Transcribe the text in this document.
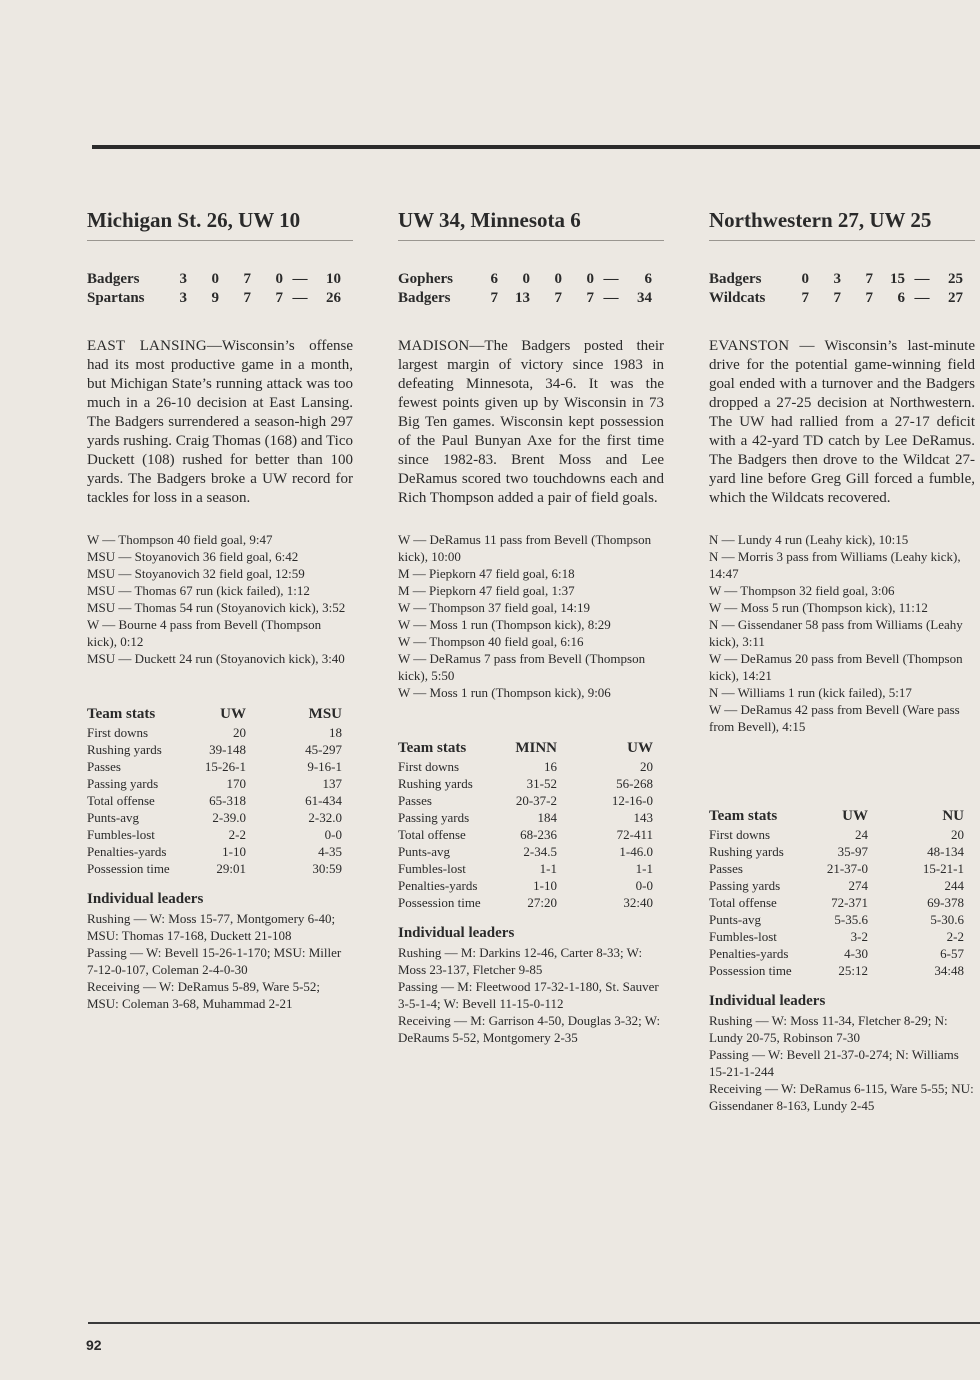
Michigan St. 26, UW 10
Badgers	3	0	7	0	—	10
Spartans	3	9	7	7	—	26

EAST LANSING—Wisconsin’s offense had its most productive game in a month, but Michigan State’s running attack was too much in a 26-10 decision at East Lansing. The Badgers surrendered a season-high 297 yards rushing. Craig Thomas (168) and Tico Duckett (108) rushed for better than 100 yards. The Badgers broke a UW record for tackles for loss in a season.

W — Thompson 40 field goal, 9:47
MSU — Stoyanovich 36 field goal, 6:42
MSU — Stoyanovich 32 field goal, 12:59
MSU — Thomas 67 run (kick failed), 1:12
MSU — Thomas 54 run (Stoyanovich kick), 3:52
W — Bourne 4 pass from Bevell (Thompson kick), 0:12
MSU — Duckett 24 run (Stoyanovich kick), 3:40
Team stats	UW	MSU
First downs	20	18
Rushing yards	39-148	45-297
Passes	15-26-1	9-16-1
Passing yards	170	137
Total offense	65-318	61-434
Punts-avg	2-39.0	2-32.0
Fumbles-lost	2-2	0-0
Penalties-yards	1-10	4-35
Possession time	29:01	30:59
Individual leaders
Rushing — W: Moss 15-77, Montgomery 6-40; MSU: Thomas 17-168, Duckett 21-108
Passing — W: Bevell 15-26-1-170; MSU: Miller 7-12-0-107, Coleman 2-4-0-30
Receiving — W: DeRamus 5-89, Ware 5-52; MSU: Coleman 3-68, Muhammad 2-21
UW 34, Minnesota 6
Gophers	6	0	0	0	—	6
Badgers	7	13	7	7	—	34

MADISON—The Badgers posted their largest margin of victory since 1983 in defeating Minnesota, 34-6. It was the fewest points given up by Wisconsin in 73 Big Ten games. Wisconsin kept possession of the Paul Bunyan Axe for the first time since 1982-83. Brent Moss and Lee DeRamus scored two touchdowns each and Rich Thompson added a pair of field goals.

W — DeRamus 11 pass from Bevell (Thompson kick), 10:00
M — Piepkorn 47 field goal, 6:18
M — Piepkorn 47 field goal, 1:37
W — Thompson 37 field goal, 14:19
W — Moss 1 run (Thompson kick), 8:29
W — Thompson 40 field goal, 6:16
W — DeRamus 7 pass from Bevell (Thompson kick), 5:50
W — Moss 1 run (Thompson kick), 9:06
Team stats	MINN	UW
First downs	16	20
Rushing yards	31-52	56-268
Passes	20-37-2	12-16-0
Passing yards	184	143
Total offense	68-236	72-411
Punts-avg	2-34.5	1-46.0
Fumbles-lost	1-1	1-1
Penalties-yards	1-10	0-0
Possession time	27:20	32:40
Individual leaders
Rushing — M: Darkins 12-46, Carter 8-33; W: Moss 23-137, Fletcher 9-85
Passing — M: Fleetwood 17-32-1-180, St. Sauver 3-5-1-4; W: Bevell 11-15-0-112
Receiving — M: Garrison 4-50, Douglas 3-32; W: DeRaums 5-52, Montgomery 2-35
Northwestern 27, UW 25
Badgers	0	3	7	15	—	25
Wildcats	7	7	7	6	—	27

EVANSTON — Wisconsin’s last-minute drive for the potential game-winning field goal ended with a turnover and the Badgers dropped a 27-25 decision at Northwestern. The UW had rallied from a 27-17 deficit with a 42-yard TD catch by Lee DeRamus. The Badgers then drove to the Wildcat 27-yard line before Greg Gill forced a fumble, which the Wildcats recovered.

N — Lundy 4 run (Leahy kick), 10:15
N — Morris 3 pass from Williams (Leahy kick), 14:47
W — Thompson 32 field goal, 3:06
W — Moss 5 run (Thompson kick), 11:12
N — Gissendaner 58 pass from Williams (Leahy kick), 3:11
W — DeRamus 20 pass from Bevell (Thompson kick), 14:21
N — Williams 1 run (kick failed), 5:17
W — DeRamus 42 pass from Bevell (Ware pass from Bevell), 4:15
Team stats	UW	NU
First downs	24	20
Rushing yards	35-97	48-134
Passes	21-37-0	15-21-1
Passing yards	274	244
Total offense	72-371	69-378
Punts-avg	5-35.6	5-30.6
Fumbles-lost	3-2	2-2
Penalties-yards	4-30	6-57
Possession time	25:12	34:48
Individual leaders
Rushing — W: Moss 11-34, Fletcher 8-29; N: Lundy 20-75, Robinson 7-30
Passing — W: Bevell 21-37-0-274; N: Williams 15-21-1-244
Receiving — W: DeRamus 6-115, Ware 5-55; NU: Gissendaner 8-163, Lundy 2-45
92
